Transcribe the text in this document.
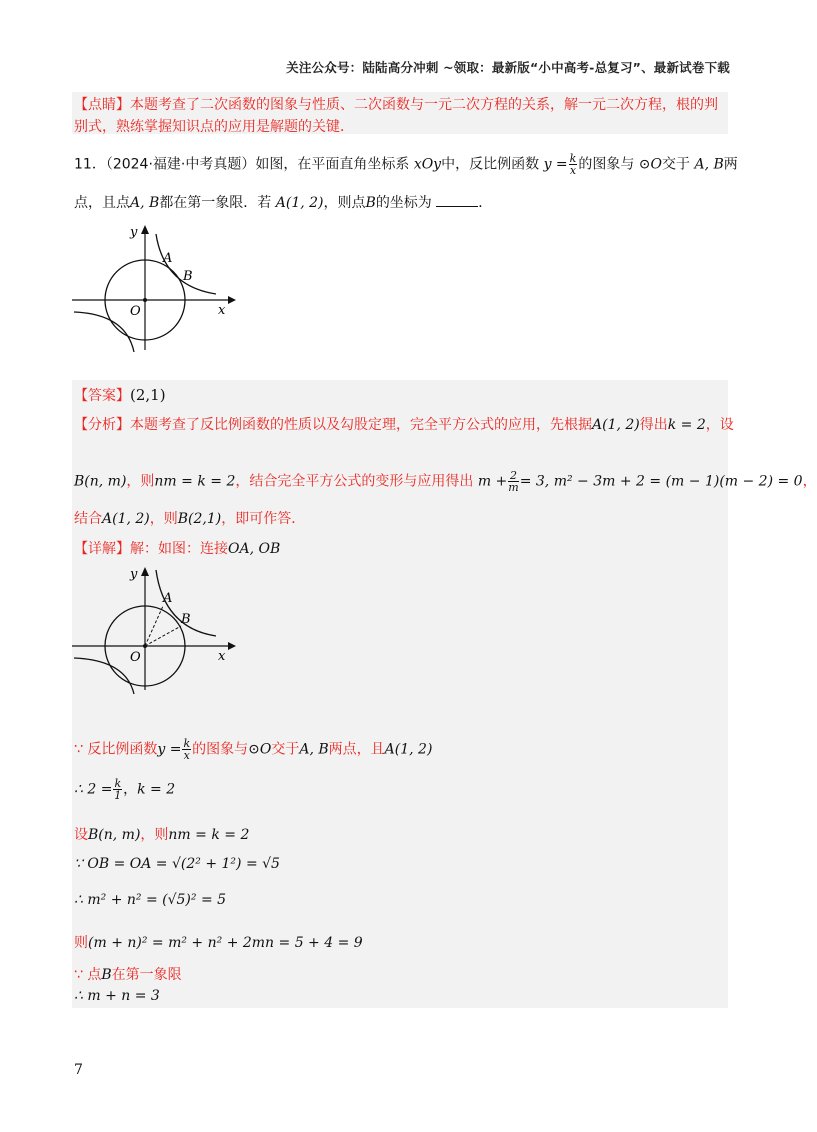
关注公众号：陆陆高分冲刺 ~领取：最新版“小中高考-总复习”、最新试卷下载
【点睛】本题考查了二次函数的图象与性质、二次函数与一元二次方程的关系，解一元二次方程，根的判
别式，熟练掌握知识点的应用是解题的关键．
11．（2024·福建·中考真题）如图，在平面直角坐标系 xOy中，反比例函数 $y = \frac{k}{x}$ 的图象与 ⊙O交于 A, B两
点，且点A, B都在第一象限．若 A(1, 2)，则点B的坐标为	．
A
B
O	x
y
【答案】(2,1)
【分析】本题考查了反比例函数的性质以及勾股定理，完全平方公式的应用，先根据A(1, 2)得出k = 2，设
B(n, m)，则nm = k = 2，结合完全平方公式的变形与应用得出 $m + \frac{2}{m} = 3$, m² − 3m + 2 = (m − 1)(m − 2) = 0，
结合A(1, 2)，则B(2,1)，即可作答．
【详解】解：如图：连接OA, OB
A
B
O	x
y
∵ 反比例函数$y = \frac{k}{x}$ 的图象与⊙O交于A, B两点，且A(1, 2)
∴ $2 = \frac{k}{1}$ ，k = 2
设B(n, m)，则nm = k = 2
∵ OB = OA = √(2² + 1²) = √5
∴ m² + n² = (√5)² = 5
则(m + n)² = m² + n² + 2mn = 5 + 4 = 9
∵ 点B在第一象限
∴ m + n = 3
7
